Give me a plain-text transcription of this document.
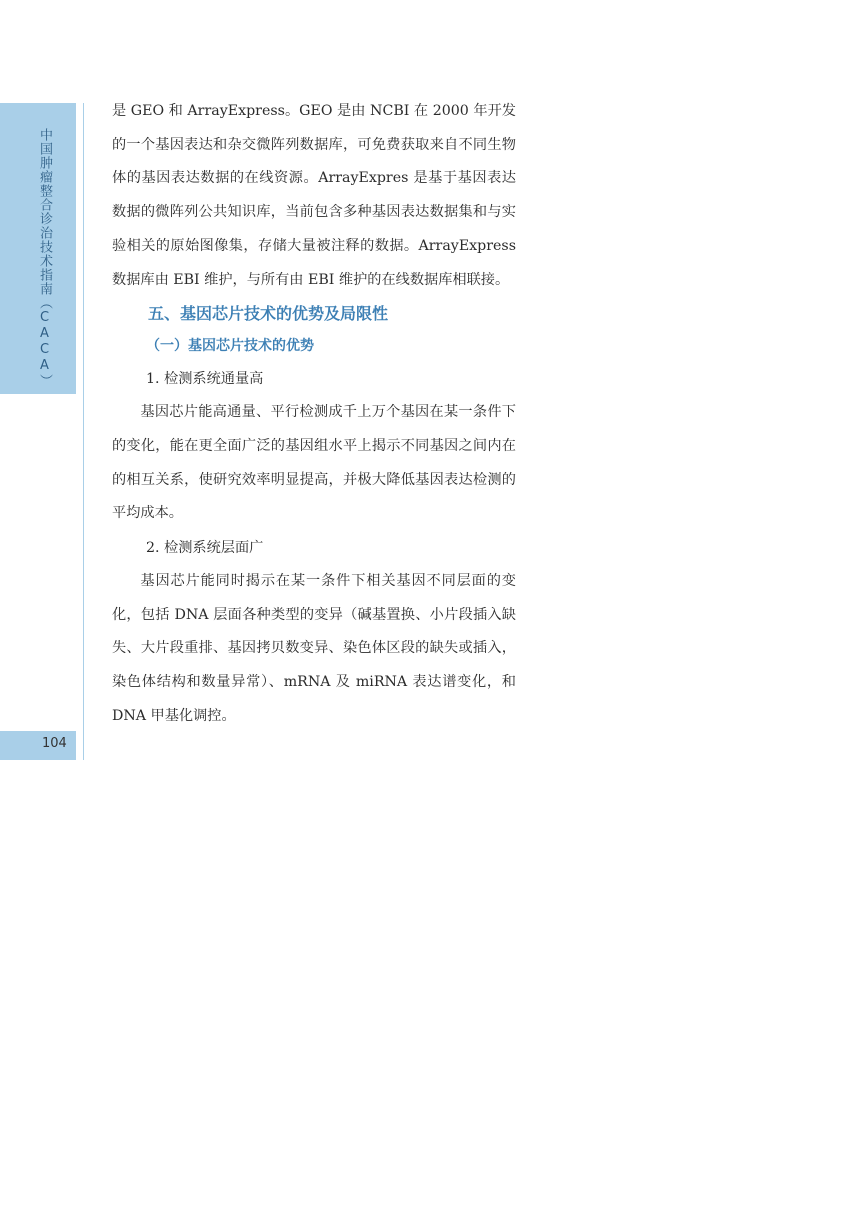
中国肿瘤整合诊治技术指南（CACA）
104

是 GEO 和 ArrayExpress。GEO 是由 NCBI 在 2000 年开发的一个基因表达和杂交微阵列数据库，可免费获取来自不同生物体的基因表达数据的在线资源。ArrayExpres 是基于基因表达数据的微阵列公共知识库，当前包含多种基因表达数据集和与实验相关的原始图像集，存储大量被注释的数据。ArrayExpress 数据库由 EBI 维护，与所有由 EBI 维护的在线数据库相联接。

五、基因芯片技术的优势及局限性
（一）基因芯片技术的优势

1. 检测系统通量高

基因芯片能高通量、平行检测成千上万个基因在某一条件下的变化，能在更全面广泛的基因组水平上揭示不同基因之间内在的相互关系，使研究效率明显提高，并极大降低基因表达检测的平均成本。

2. 检测系统层面广

基因芯片能同时揭示在某一条件下相关基因不同层面的变化，包括 DNA 层面各种类型的变异（碱基置换、小片段插入缺失、大片段重排、基因拷贝数变异、染色体区段的缺失或插入，染色体结构和数量异常）、mRNA 及 miRNA 表达谱变化，和 DNA 甲基化调控。
